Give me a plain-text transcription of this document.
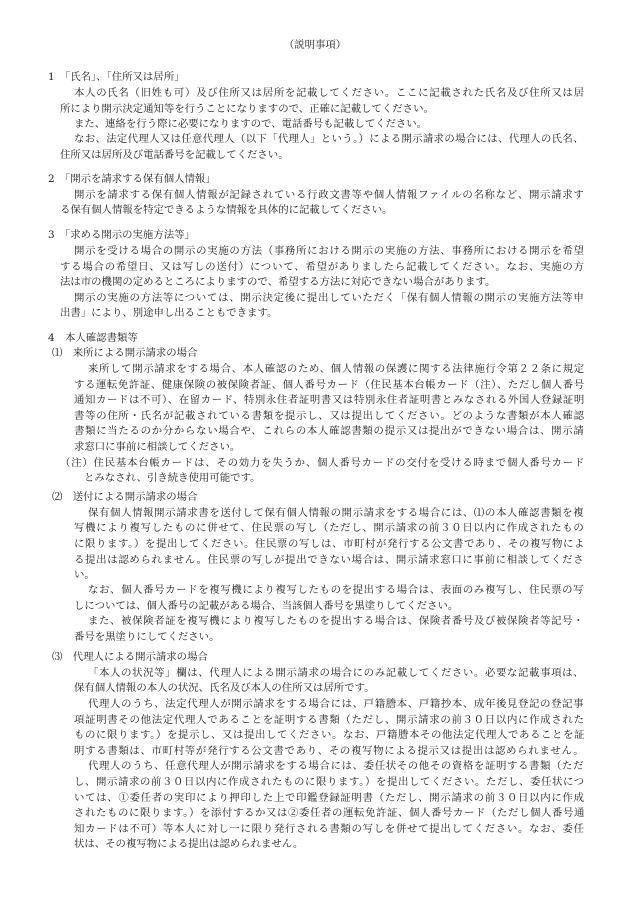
（説明事項）
1　「氏名」、「住所又は居所」
本人の氏名（旧姓も可）及び住所又は居所を記載してください。ここに記載された氏名及び住所又は居
所により開示決定通知等を行うことになりますので、正確に記載してください。
また、連絡を行う際に必要になりますので、電話番号も記載してください。
なお、法定代理人又は任意代理人（以下「代理人」という。）による開示請求の場合には、代理人の氏名、
住所又は居所及び電話番号を記載してください。
2　「開示を請求する保有個人情報」
開示を請求する保有個人情報が記録されている行政文書等や個人情報ファイルの名称など、開示請求す
る保有個人情報を特定できるような情報を具体的に記載してください。
3　「求める開示の実施方法等」
開示を受ける場合の開示の実施の方法（事務所における開示の実施の方法、事務所における開示を希望
する場合の希望日、又は写しの送付）について、希望がありましたら記載してください。なお、実施の方
法は市の機関の定めるところによりますので、希望する方法に対応できない場合があります。
開示の実施の方法等については、開示決定後に提出していただく「保有個人情報の開示の実施方法等申
出書」により、別途申し出ることもできます。
4　本人確認書類等
⑴　来所による開示請求の場合
来所して開示請求をする場合、本人確認のため、個人情報の保護に関する法律施行令第２２条に規定
する運転免許証、健康保険の被保険者証、個人番号カード（住民基本台帳カード（注）、ただし個人番号
通知カードは不可）、在留カード、特別永住者証明書又は特別永住者証明書とみなされる外国人登録証明
書等の住所・氏名が記載されている書類を提示し、又は提出してください。どのような書類が本人確認
書類に当たるのか分からない場合や、これらの本人確認書類の提示又は提出ができない場合は、開示請
求窓口に事前に相談してください。
（注）住民基本台帳カードは、その効力を失うか、個人番号カードの交付を受ける時まで個人番号カード
とみなされ、引き続き使用可能です。
⑵　送付による開示請求の場合
保有個人情報開示請求書を送付して保有個人情報の開示請求をする場合には、⑴の本人確認書類を複
写機により複写したものに併せて、住民票の写し（ただし、開示請求の前３０日以内に作成されたもの
に限ります。）を提出してください。住民票の写しは、市町村が発行する公文書であり、その複写物によ
る提出は認められません。住民票の写しが提出できない場合は、開示請求窓口に事前に相談してくださ
い。
なお、個人番号カードを複写機により複写したものを提出する場合は、表面のみ複写し、住民票の写
しについては、個人番号の記載がある場合、当該個人番号を黒塗りしてください。
また、被保険者証を複写機により複写したものを提出する場合は、保険者番号及び被保険者等記号・
番号を黒塗りにしてください。
⑶　代理人による開示請求の場合
「本人の状況等」欄は、代理人による開示請求の場合にのみ記載してください。必要な記載事項は、
保有個人情報の本人の状況、氏名及び本人の住所又は居所です。
代理人のうち、法定代理人が開示請求をする場合には、戸籍謄本、戸籍抄本、成年後見登記の登記事
項証明書その他法定代理人であることを証明する書類（ただし、開示請求の前３０日以内に作成された
ものに限ります。）を提示し、又は提出してください。なお、戸籍謄本その他法定代理人であることを証
明する書類は、市町村等が発行する公文書であり、その複写物による提示又は提出は認められません。
代理人のうち、任意代理人が開示請求をする場合には、委任状その他その資格を証明する書類（ただ
し、開示請求の前３０日以内に作成されたものに限ります。）を提出してください。ただし、委任状につ
いては、①委任者の実印により押印した上で印鑑登録証明書（ただし、開示請求の前３０日以内に作成
されたものに限ります。）を添付するか又は②委任者の運転免許証、個人番号カード（ただし個人番号通
知カードは不可）等本人に対し一に限り発行される書類の写しを併せて提出してください。なお、委任
状は、その複写物による提出は認められません。
